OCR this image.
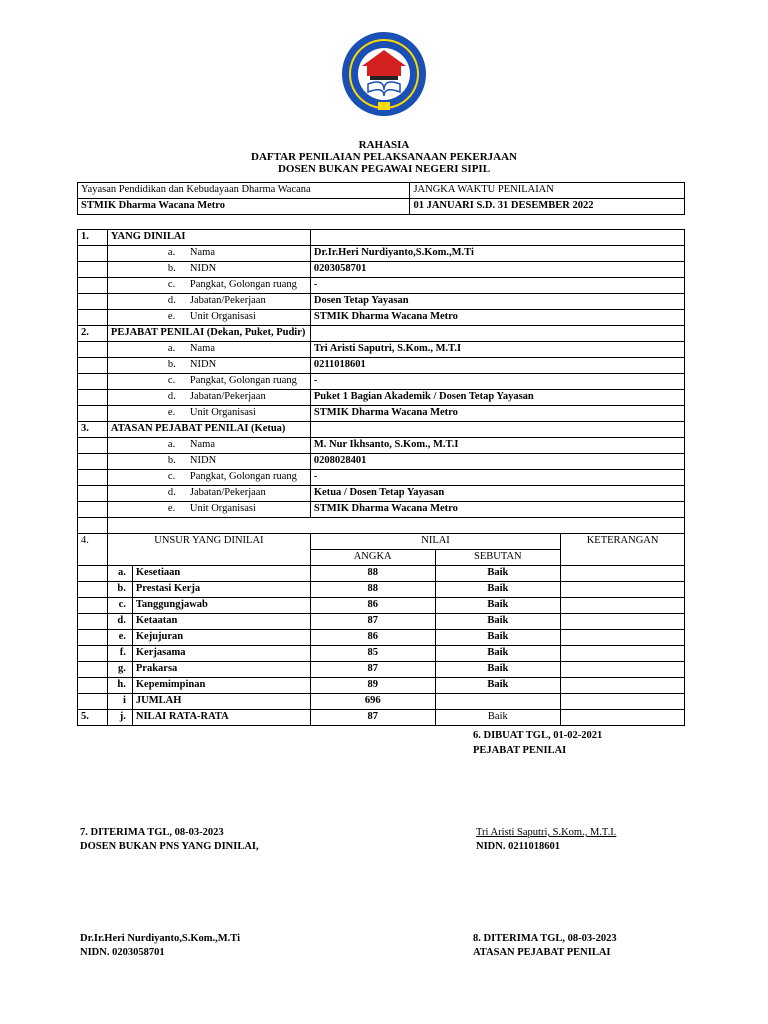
RAHASIA
DAFTAR PENILAIAN PELAKSANAAN PEKERJAAN
DOSEN BUKAN PEGAWAI NEGERI SIPIL
Yayasan Pendidikan dan Kebudayaan Dharma Wacana	JANGKA WAKTU PENILAIAN
STMIK Dharma Wacana Metro	01 JANUARI S.D. 31 DESEMBER 2022
1.	YANG DINILAI				
	a. Nama		Dr.Ir.Heri Nurdiyanto,S.Kom.,M.Ti		
	b. NIDN		0203058701		
	c. Pangkat, Golongan ruang		-		
	d. Jabatan/Pekerjaan		Dosen Tetap Yayasan		
	e. Unit Organisasi		STMIK Dharma Wacana Metro		
2.	PEJABAT PENILAI (Dekan, Puket, Pudir)				
	a. Nama		Tri Aristi Saputri, S.Kom., M.T.I		
	b. NIDN		0211018601		
	c. Pangkat, Golongan ruang		-		
	d. Jabatan/Pekerjaan		Puket 1 Bagian Akademik / Dosen Tetap Yayasan		
	e. Unit Organisasi		STMIK Dharma Wacana Metro		
3.	ATASAN PEJABAT PENILAI (Ketua)				
	a. Nama		M. Nur Ikhsanto, S.Kom., M.T.I		
	b. NIDN		0208028401		
	c. Pangkat, Golongan ruang		-		
	d. Jabatan/Pekerjaan		Ketua / Dosen Tetap Yayasan		
	e. Unit Organisasi		STMIK Dharma Wacana Metro		

4.	UNSUR YANG DINILAI		NILAI		KETERANGAN
			ANGKA	SEBUTAN	
	a.	Kesetiaan	88	Baik	
	b.	Prestasi Kerja	88	Baik	
	c.	Tanggungjawab	86	Baik	
	d.	Ketaatan	87	Baik	
	e.	Kejujuran	86	Baik	
	f.	Kerjasama	85	Baik	
	g.	Prakarsa	87	Baik	
	h.	Kepemimpinan	89	Baik	
	i	JUMLAH	696		
5.	j.	NILAI RATA-RATA	87	Baik	
6. DIBUAT TGL, 01-02-2021
PEJABAT PENILAI
7. DITERIMA TGL, 08-03-2023
DOSEN BUKAN PNS YANG DINILAI,
Tri Aristi Saputri, S.Kom., M.T.I.
NIDN. 0211018601
Dr.Ir.Heri Nurdiyanto,S.Kom.,M.Ti
NIDN. 0203058701
8. DITERIMA TGL, 08-03-2023
ATASAN PEJABAT PENILAI
